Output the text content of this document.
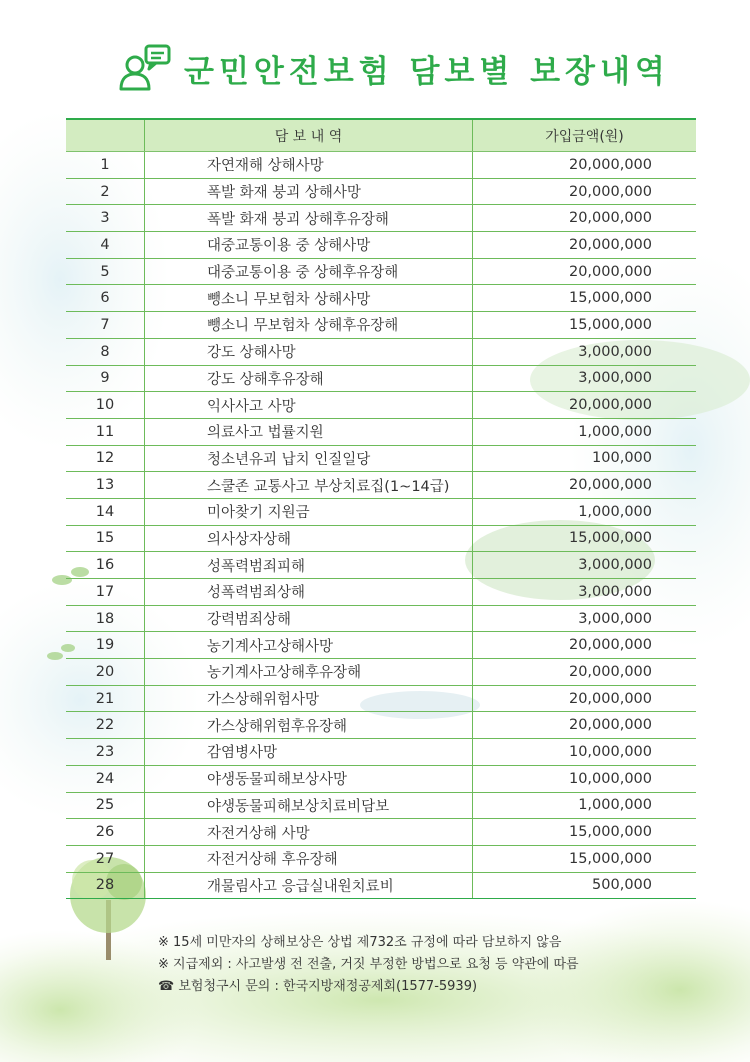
군민안전보험 담보별 보장내역
	담 보 내 역	가입금액(원)
1	자연재해 상해사망	20,000,000
2	폭발 화재 붕괴 상해사망	20,000,000
3	폭발 화재 붕괴 상해후유장해	20,000,000
4	대중교통이용 중 상해사망	20,000,000
5	대중교통이용 중 상해후유장해	20,000,000
6	뺑소니 무보험차 상해사망	15,000,000
7	뺑소니 무보험차 상해후유장해	15,000,000
8	강도 상해사망	3,000,000
9	강도 상해후유장해	3,000,000
10	익사사고 사망	20,000,000
11	의료사고 법률지원	1,000,000
12	청소년유괴 납치 인질일당	100,000
13	스쿨존 교통사고 부상치료집(1~14급)	20,000,000
14	미아찾기 지원금	1,000,000
15	의사상자상해	15,000,000
16	성폭력범죄피해	3,000,000
17	성폭력범죄상해	3,000,000
18	강력범죄상해	3,000,000
19	농기계사고상해사망	20,000,000
20	농기계사고상해후유장해	20,000,000
21	가스상해위험사망	20,000,000
22	가스상해위험후유장해	20,000,000
23	감염병사망	10,000,000
24	야생동물피해보상사망	10,000,000
25	야생동물피해보상치료비담보	1,000,000
26	자전거상해 사망	15,000,000
27	자전거상해 후유장해	15,000,000
28	개물림사고 응급실내원치료비	500,000
※ 15세 미만자의 상해보상은 상법 제732조 규정에 따라 담보하지 않음
※ 지급제외 : 사고발생 전 전출, 거짓 부정한 방법으로 요청 등 약관에 따름
☎ 보험청구시 문의 : 한국지방재정공제회(1577-5939)
